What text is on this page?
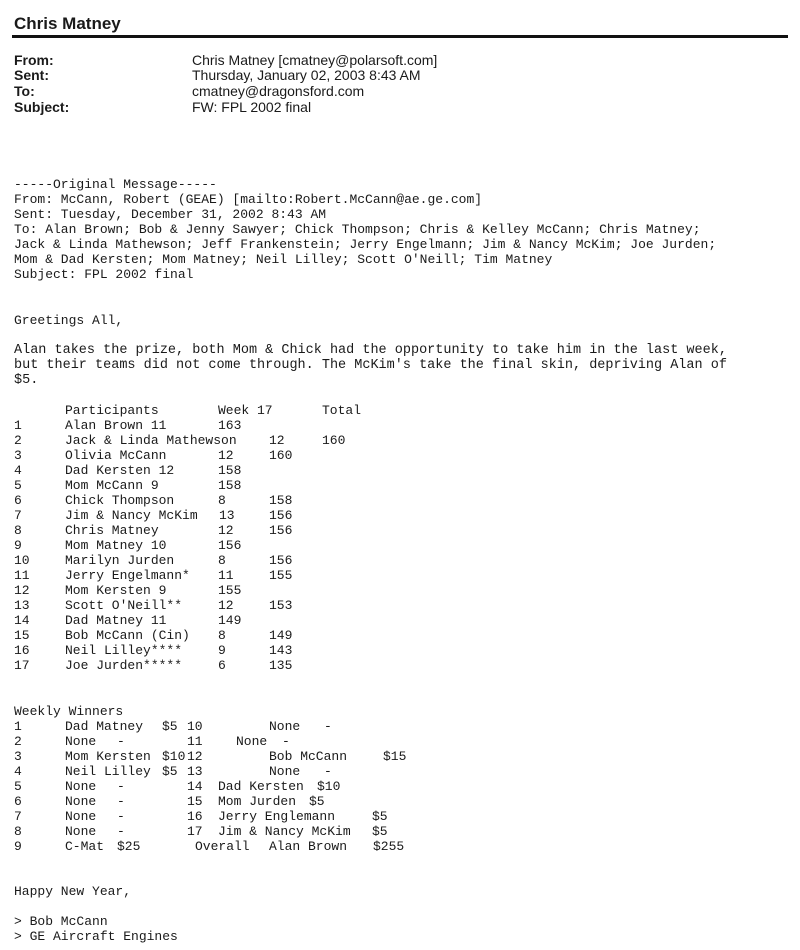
Chris Matney
From:	Chris Matney [cmatney@polarsoft.com]
Sent:	Thursday, January 02, 2003 8:43 AM
To:	cmatney@dragonsford.com
Subject:	FW: FPL 2002 final
-----Original Message-----
From: McCann, Robert (GEAE) [mailto:Robert.McCann@ae.ge.com]
Sent: Tuesday, December 31, 2002 8:43 AM
To: Alan Brown; Bob & Jenny Sawyer; Chick Thompson; Chris & Kelley McCann; Chris Matney;
Jack & Linda Mathewson; Jeff Frankenstein; Jerry Engelmann; Jim & Nancy McKim; Joe Jurden;
Mom & Dad Kersten; Mom Matney; Neil Lilley; Scott O'Neill; Tim Matney
Subject: FPL 2002 final
Greetings All,
Alan takes the prize, both Mom & Chick had the opportunity to take him in the last week,
but their teams did not come through. The McKim's take the final skin, depriving Alan of
$5.
Participants	Week 17	Total
1	Alan Brown 11	163
2	Jack & Linda Mathewson 12	160
3	Olivia McCann	12	160
4	Dad Kersten 12	158
5	Mom McCann 9	158
6	Chick Thompson	8	158
7	Jim & Nancy McKim 13	156
8	Chris Matney	12	156
9	Mom Matney 10	156
10	Marilyn Jurden	8	156
11	Jerry Engelmann* 11	155
12	Mom Kersten 9	155
13	Scott O'Neill**	12	153
14	Dad Matney 11	149
15	Bob McCann (Cin) 8	149
16	Neil Lilley****	9	143
17	Joe Jurden*****	6	135
Weekly Winners
1	Dad Matney $5 10	None -
2	None -	11	None -
3	Mom Kersten $10 12	Bob McCann	$15
4	Neil Lilley $5 13	None -
5	None -	14 Dad Kersten $10
6	None -	15 Mom Jurden $5
7	None -	16 Jerry Englemann	$5
8	None -	17 Jim & Nancy McKim $5
9	C-Mat $25	Overall Alan Brown $255
Happy New Year,
> Bob McCann
> GE Aircraft Engines
